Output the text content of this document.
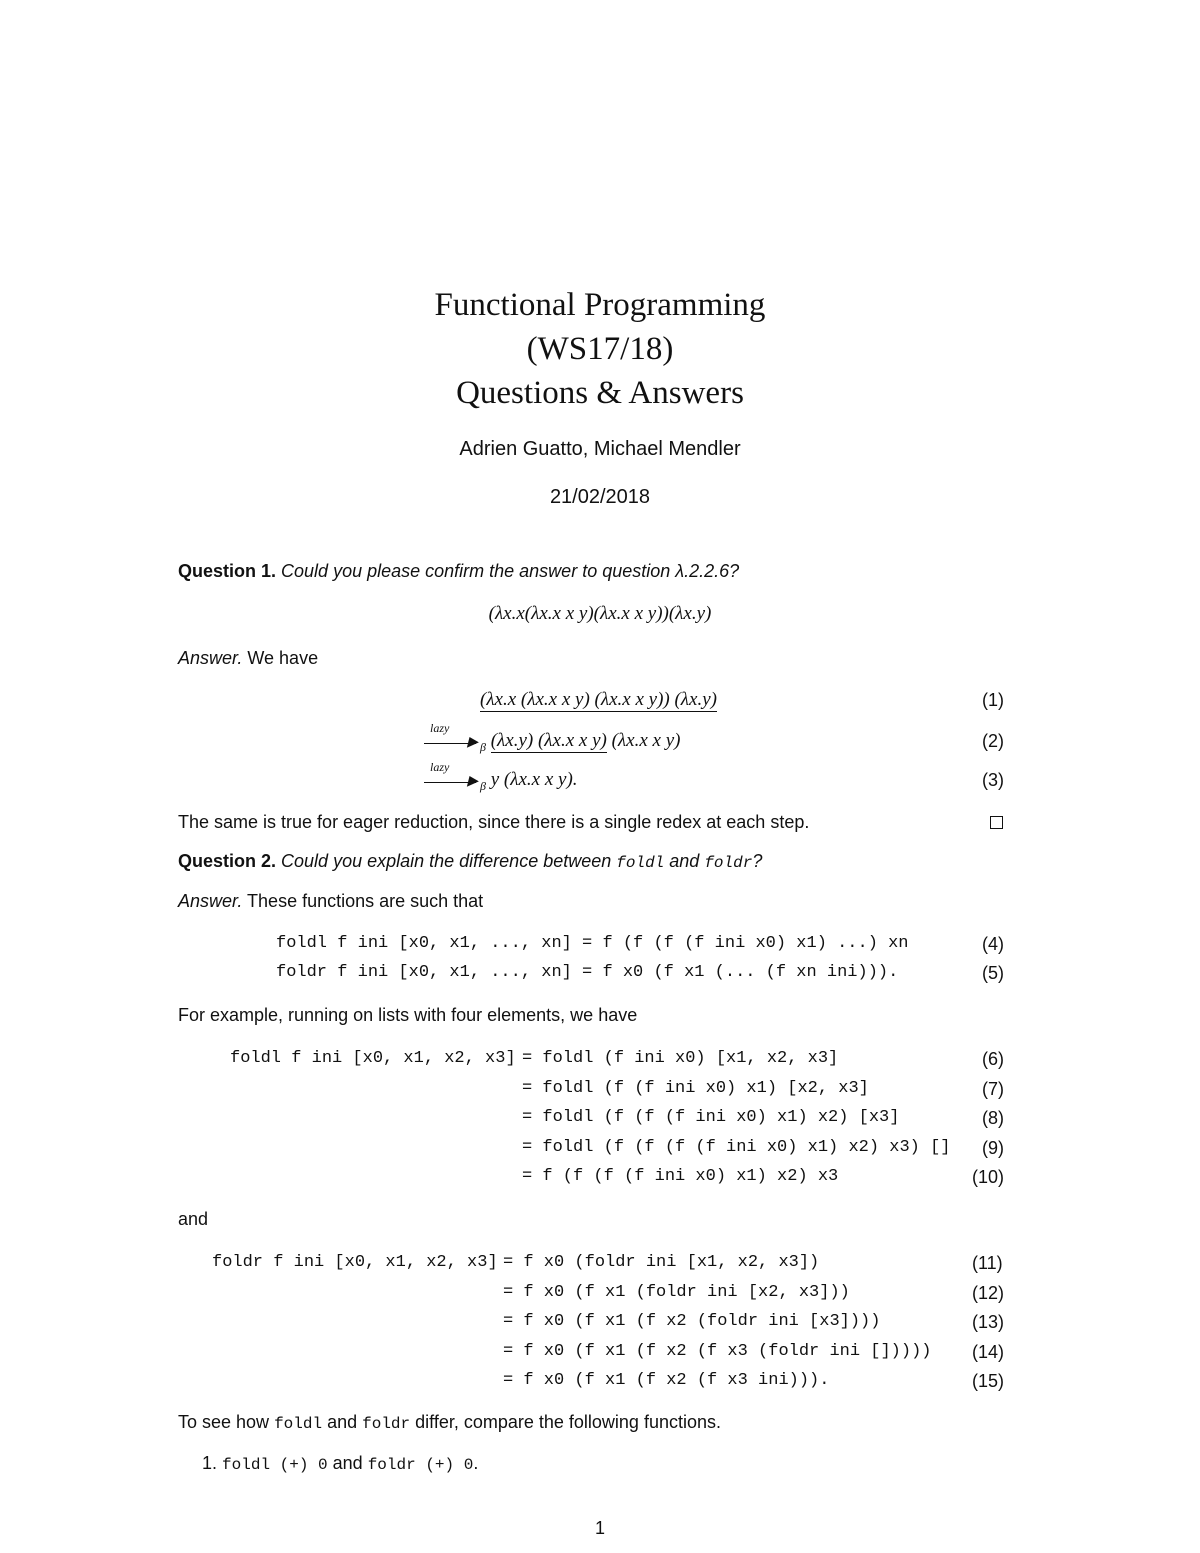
Functional Programming
(WS17/18)
Questions & Answers
Adrien Guatto, Michael Mendler
21/02/2018
Question 1. Could you please confirm the answer to question λ.2.2.6?
(λx.x(λx.x x y)(λx.x x y))(λx.y)
Answer. We have
(λx.x (λx.x x y) (λx.x x y)) (λx.y)	(1)
lazy
▶ $_\beta$ (λx.y) (λx.x x y) (λx.x x y)	(2)
lazy
▶ $_\beta$ y (λx.x x y).	(3)
The same is true for eager reduction, since there is a single redex at each step.
Question 2. Could you explain the difference between foldl and foldr?
Answer. These functions are such that
foldl f ini [x0, x1, ..., xn] = f (f (f (f ini x0) x1) ...) xn	(4)
foldr f ini [x0, x1, ..., xn] = f x0 (f x1 (... (f xn ini))).	(5)
For example, running on lists with four elements, we have
foldl f ini [x0, x1, x2, x3] = foldl (f ini x0) [x1, x2, x3]	(6)
= foldl (f (f ini x0) x1) [x2, x3]	(7)
= foldl (f (f (f ini x0) x1) x2) [x3]	(8)
= foldl (f (f (f (f ini x0) x1) x2) x3) [] (9)
= f (f (f (f ini x0) x1) x2) x3	(10)
and
foldr f ini [x0, x1, x2, x3] = f x0 (foldr ini [x1, x2, x3])	(11)
= f x0 (f x1 (foldr ini [x2, x3]))	(12)
= f x0 (f x1 (f x2 (foldr ini [x3])))	(13)
= f x0 (f x1 (f x2 (f x3 (foldr ini [])))) (14)
= f x0 (f x1 (f x2 (f x3 ini))).	(15)
To see how foldl and foldr differ, compare the following functions.
1. foldl (+) 0 and foldr (+) 0.
1
